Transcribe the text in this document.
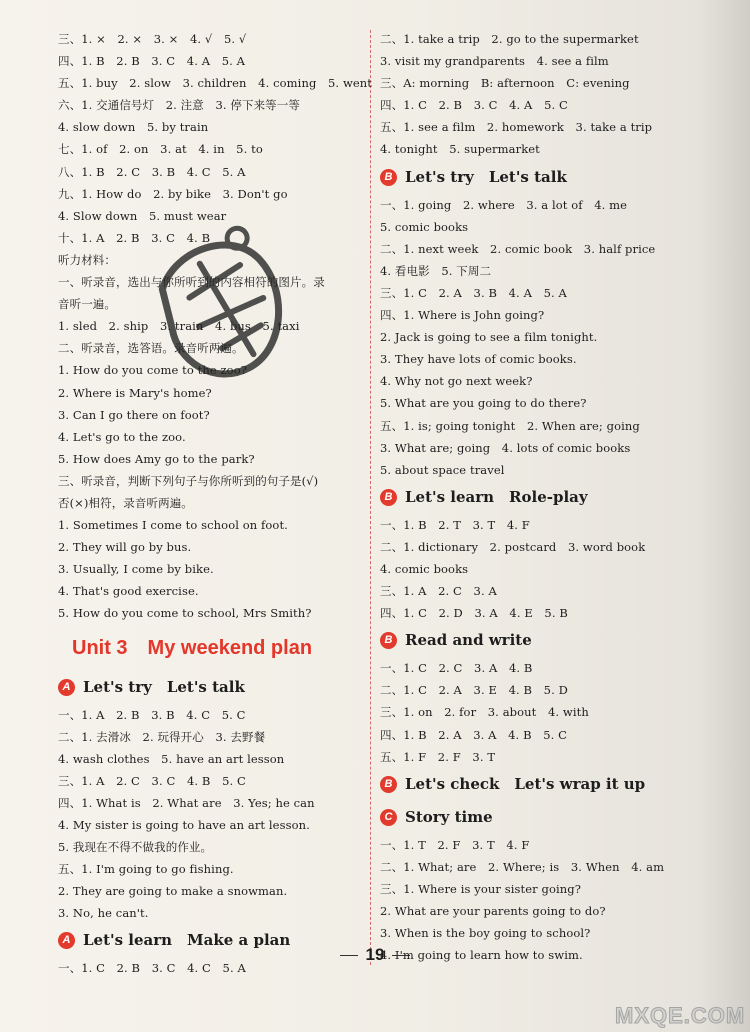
三、1. ×　2. ×　3. ×　4. √　5. √
四、1. B　2. B　3. C　4. A　5. A
五、1. buy　2. slow　3. children　4. coming　5. went
六、1. 交通信号灯　2. 注意　3. 停下来等一等
4. slow down　5. by train
七、1. of　2. on　3. at　4. in　5. to
八、1. B　2. C　3. B　4. C　5. A
九、1. How do　2. by bike　3. Don't go
4. Slow down　5. must wear
十、1. A　2. B　3. C　4. B
听力材料：
一、听录音，选出与你所听到的内容相符的图片。录
音听一遍。
1. sled　2. ship　3. train　4. bus　5. taxi
二、听录音，选答语。录音听两遍。
1. How do you come to the zoo?
2. Where is Mary's home?
3. Can I go there on foot?
4. Let's go to the zoo.
5. How does Amy go to the park?
三、听录音，判断下列句子与你所听到的句子是(√)
否(×)相符，录音听两遍。
1. Sometimes I come to school on foot.
2. They will go by bus.
3. Usually, I come by bike.
4. That's good exercise.
5. How do you come to school, Mrs Smith?
Unit 3　My weekend plan
A Let's try　Let's talk
一、1. A　2. B　3. B　4. C　5. C
二、1. 去滑冰　2. 玩得开心　3. 去野餐
4. wash clothes　5. have an art lesson
三、1. A　2. C　3. C　4. B　5. C
四、1. What is　2. What are　3. Yes; he can
4. My sister is going to have an art lesson.
5. 我现在不得不做我的作业。
五、1. I'm going to go fishing.
2. They are going to make a snowman.
3. No, he can't.
A Let's learn　Make a plan
一、1. C　2. B　3. C　4. C　5. A
二、1. take a trip　2. go to the supermarket
3. visit my grandparents　4. see a film
三、A: morning　B: afternoon　C: evening
四、1. C　2. B　3. C　4. A　5. C
五、1. see a film　2. homework　3. take a trip
4. tonight　5. supermarket
B Let's try　Let's talk
一、1. going　2. where　3. a lot of　4. me
5. comic books
二、1. next week　2. comic book　3. half price
4. 看电影　5. 下周二
三、1. C　2. A　3. B　4. A　5. A
四、1. Where is John going?
2. Jack is going to see a film tonight.
3. They have lots of comic books.
4. Why not go next week?
5. What are you going to do there?
五、1. is; going tonight　2. When are; going
3. What are; going　4. lots of comic books
5. about space travel
B Let's learn　Role-play
一、1. B　2. T　3. T　4. F
二、1. dictionary　2. postcard　3. word book
4. comic books
三、1. A　2. C　3. A
四、1. C　2. D　3. A　4. E　5. B
B Read and write
一、1. C　2. C　3. A　4. B
二、1. C　2. A　3. E　4. B　5. D
三、1. on　2. for　3. about　4. with
四、1. B　2. A　3. A　4. B　5. C
五、1. F　2. F　3. T
B Let's check　Let's wrap it up
C Story time
一、1. T　2. F　3. T　4. F
二、1. What; are　2. Where; is　3. When　4. am
三、1. Where is your sister going?
2. What are your parents going to do?
3. When is the boy going to school?
4. I'm going to learn how to swim.
19
MXQE.COM
